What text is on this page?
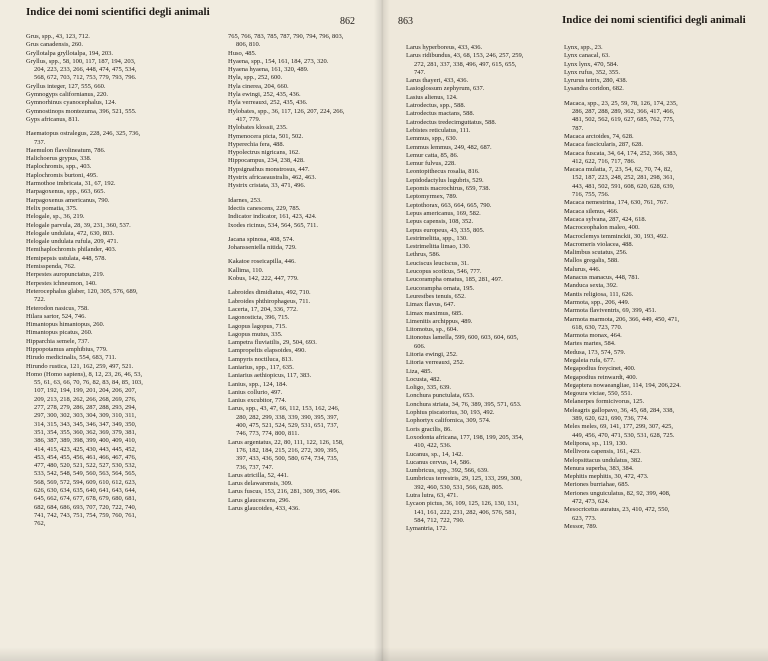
Indice dei nomi scientifici degli animali
862
Grus, spp., 43, 123, 712.
Grus canadensis, 260.
Gryllotalpa gryllotalpa, 194, 203.
Gryllus, spp., 58, 100, 117, 187, 194, 203, 204, 223, 233, 266, 448, 474, 475, 534, 568, 672, 703, 712, 753, 779, 793, 796.
Gryllus integer, 127, 555, 660.
Gymnogyps californianus, 220.
Gymnorhinus cyanocephalus, 124.
Gymnostinops montezuma, 396, 521, 555.
Gyps africanus, 811.
Haematopus ostralegus, 228, 246, 325, 736, 737.
Haemulon flavolineatum, 786.
Halichoerus grypus, 338.
Haplochromis, spp., 403.
Haplochromis burtoni, 495.
Harmothoe imbricata, 31, 67, 192.
Harpagoxenus, spp., 663, 665.
Harpagoxenus americanus, 790.
Helix pomatia, 375.
Helogale, sp., 36, 219.
Helogale parvula, 28, 39, 231, 360, 537.
Helogale undulata, 472, 630, 803.
Helogale undulata rufula, 209, 471.
Hemihaplochromis philander, 403.
Hemipepsis ustulata, 448, 578.
Hemisspenda, 762.
Herpestes auropunctatus, 219.
Herpestes ichneumon, 140.
Heterocephalus glaber, 120, 305, 576, 689, 722.
Heterodon nasicus, 758.
Hilara sartor, 524, 746.
Himantopus himantopus, 260.
Himantopus picatus, 260.
Hipparchia semele, 737.
Hippopotamus amphibius, 779.
Hirudo medicinalis, 554, 683, 711.
Hirundo rustica, 121, 162, 259, 497, 521.
Homo (Homo sapiens), 8, 12, 23, 26, 46, 53, 55, 61, 63, 66, 70, 76, 82, 83, 84, 85, 103, 107, 192, 194, 199, 201, 204, 206, 207, 209, 213, 218, 262, 266, 268, 269, 276, 277, 278, 279, 286, 287, 288, 293, 294, 297, 300, 302, 303, 304, 309, 310, 311, 314, 315, 343, 345, 346, 347, 349, 350, 351, 354, 355, 360, 362, 369, 379, 381, 386, 387, 389, 398, 399, 400, 409, 410, 414, 415, 423, 425, 430, 443, 445, 452, 453, 454, 455, 456, 461, 466, 467, 476, 477, 480, 520, 521, 522, 527, 530, 532, 533, 542, 548, 549, 560, 563, 564, 565, 568, 569, 572, 594, 609, 610, 612, 623, 626, 630, 634, 635, 640, 641, 643, 644, 645, 662, 674, 677, 678, 679, 680, 681, 682, 684, 686, 693, 707, 720, 722, 740, 741, 742, 743, 751, 754, 759, 760, 761, 762,
765, 766, 783, 785, 787, 790, 794, 796, 803, 806, 810.
Huso, 485.
Hyaena, spp., 154, 161, 184, 273, 320.
Hyaena hyaena, 161, 320, 489.
Hyla, spp., 252, 600.
Hyla cinerea, 204, 660.
Hyla ewingi, 252, 435, 436.
Hyla verreauxi, 252, 435, 436.
Hylobates, spp., 36, 117, 126, 207, 224, 266, 417, 779.
Hylobates klossii, 235.
Hymenocera picta, 501, 502.
Hyperechia fera, 488.
Hypolectrus nigricans, 162.
Hippocampus, 234, 238, 428.
Hypsignathus monstrosus, 447.
Hystrix africaeaustralis, 462, 463.
Hystrix cristata, 33, 471, 496.
Idarnes, 253.
Idectis canescens, 229, 785.
Indicator indicator, 161, 423, 424.
Ixodes ricinus, 534, 564, 565, 711.
Jacana spinosa, 408, 574.
Johansseniella nitida, 729.
Kakatoe roseicapilla, 446.
Kallima, 110.
Kobus, 142, 222, 447, 779.
Labroides dimidiatus, 492, 710.
Labroides phthirophageus, 711.
Lacerta, 17, 204, 336, 772.
Lagonosticta, 396, 715.
Lagopus lagopus, 715.
Lagopus mutus, 335.
Lampetra fluviatilis, 29, 504, 693.
Lampropeltis elapsoides, 490.
Lampyris noctiluca, 813.
Laniarius, spp., 117, 635.
Laniarius aethiopicus, 117, 383.
Lanius, spp., 124, 184.
Lanius collurio, 497.
Lanius excubitor, 774.
Larus, spp., 43, 47, 66, 112, 153, 162, 246, 280, 282, 299, 338, 339, 390, 395, 397, 400, 475, 521, 524, 529, 531, 651, 737, 746, 773, 774, 800, 811.
Larus argentatus, 22, 80, 111, 122, 126, 158, 176, 182, 184, 215, 216, 272, 309, 395, 397, 433, 436, 500, 580, 674, 734, 735, 736, 737, 747.
Larus atricilla, 52, 441.
Larus delawarensis, 309.
Larus fuscus, 153, 216, 281, 309, 395, 496.
Larus glaucescens, 296.
Larus glaucoides, 433, 436.
863	Indice dei nomi scientifici degli animali
Larus hyperboreus, 433, 436.
Larus ridibundus, 43, 68, 153, 246, 257, 259, 272, 281, 337, 338, 496, 497, 615, 655, 747.
Larus thayeri, 433, 436.
Lasioglossum zephyrum, 637.
Lasius alienus, 124.
Latrodectus, spp., 588.
Latrodectus mactans, 588.
Latrodectus tredecimguttatus, 588.
Lebistes reticulatus, 111.
Lemmus, spp., 630.
Lemmus lemmus, 249, 482, 687.
Lemur catta, 85, 86.
Lemur fulvus, 228.
Leontopithecus rosalia, 816.
Lepidodactylus lugubris, 529.
Lepomis macrochirus, 659, 738.
Leptomyrmex, 789.
Leptothorax, 663, 664, 665, 790.
Lepus americanus, 169, 582.
Lepus capensis, 108, 352.
Lepus europeus, 43, 335, 805.
Lestrimelitta, spp., 130.
Lestrimelitta limao, 130.
Lethrus, 586.
Leuciscus leuciscus, 31.
Leucopus scoticus, 546, 777.
Leucoramphа omatus, 185, 281, 497.
Leucorampha ornata, 195.
Leurestbes tenuis, 652.
Limax flavus, 647.
Limax maximus, 685.
Limenitis archippus, 489.
Litomotus, sp., 604.
Litonotus lamella, 599, 600, 603, 604, 605, 606.
Litoria ewingi, 252.
Litoria verreauxi, 252.
Liza, 485.
Locusta, 482.
Loligo, 335, 639.
Lonchura punctulata, 653.
Lonchura striata, 34, 76, 389, 395, 571, 653.
Lophius piscatorius, 30, 193, 492.
Lophortyx californica, 309, 574.
Loris gracilis, 86.
Loxodonta africana, 177, 198, 199, 205, 354, 410, 422, 536.
Lucanus, sp., 14, 142.
Lucanus cervus, 14, 586.
Lumbricus, spp., 392, 566, 639.
Lumbricus terrestris, 29, 125, 133, 299, 300, 392, 460, 530, 531, 566, 628, 805.
Lutra lutra, 63, 471.
Lycaon pictus, 36, 109, 125, 126, 130, 131, 141, 161, 222, 231, 282, 406, 576, 581, 584, 712, 722, 790.
Lymantria, 172.
Lynx, spp., 23.
Lynx canacal, 63.
Lynx lynx, 470, 584.
Lynx rufus, 352, 355.
Lyrurus tetrix, 280, 438.
Lysandra coridon, 682.
Macaca, spp., 23, 25, 59, 78, 126, 174, 235, 286, 287, 288, 289, 362, 366, 417, 466, 481, 502, 562, 619, 627, 685, 762, 775, 787.
Macaca arctoides, 74, 628.
Macaca fascicularis, 287, 628.
Macaca fuscata, 34, 64, 174, 252, 366, 383, 412, 622, 716, 717, 786.
Macaca mulatta, 7, 23, 54, 62, 70, 74, 82, 152, 187, 223, 248, 252, 281, 298, 361, 443, 481, 502, 591, 608, 620, 628, 639, 716, 755, 756.
Macaca nemestrina, 174, 630, 761, 767.
Macaca silenus, 466.
Macaca sylvana, 287, 424, 618.
Macroceophalon maleo, 400.
Macroclemys temminckii, 30, 193, 492.
Macromeris violacea, 488.
Malimbus scutatus, 256.
Mallos gregalis, 588.
Malurus, 446.
Manacus manacus, 448, 781.
Manduca sexta, 392.
Mantis religiosa, 111, 626.
Marmota, spp., 206, 449.
Marmota flaviventris, 69, 399, 451.
Marmota marmota, 206, 366, 449, 450, 471, 618, 630, 723, 770.
Marmota monax, 464.
Martes martes, 584.
Medusa, 173, 574, 579.
Megaleia rufa, 677.
Megapodius freycinet, 400.
Megapodius reinwardt, 400.
Megaptera nowaeangliae, 114, 194, 206,224.
Megoura viciae, 550, 551.
Melanerpes formicivorus, 125.
Meleagris gallopavo, 36, 45, 68, 284, 338, 389, 620, 621, 690, 736, 774.
Meles meles, 69, 141, 177, 299, 307, 425, 449, 456, 470, 471, 530, 531, 628, 725.
Melipona, sp., 119, 130.
Mellivora capensis, 161, 423.
Melopsittacus undulatus, 382.
Menura superba, 383, 384.
Mephitis mephitis, 30, 472, 473.
Meriones burriahae, 685.
Meriones unguiculatus, 82, 92, 399, 408, 472, 473, 624.
Mesocricetus auratus, 23, 410, 472, 550, 623, 773.
Messor, 789.
